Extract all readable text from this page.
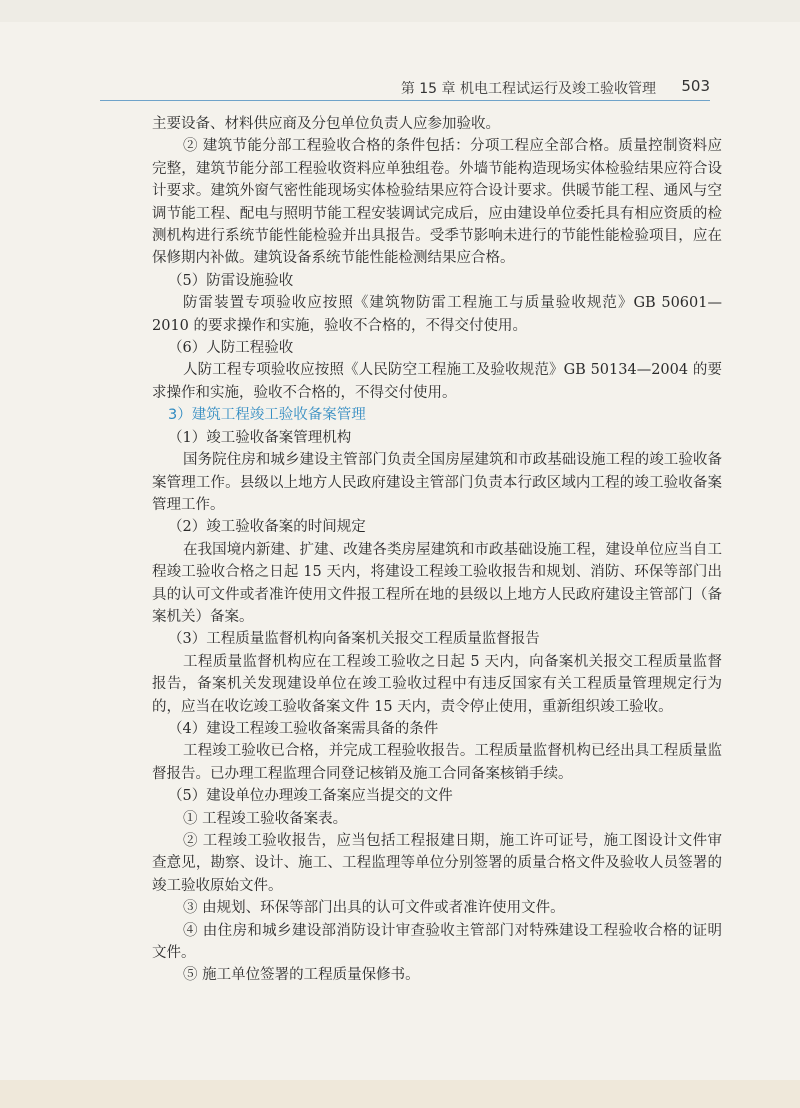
第 15 章 机电工程试运行及竣工验收管理 503

主要设备、材料供应商及分包单位负责人应参加验收。

② 建筑节能分部工程验收合格的条件包括：分项工程应全部合格。质量控制资料应完整，建筑节能分部工程验收资料应单独组卷。外墙节能构造现场实体检验结果应符合设计要求。建筑外窗气密性能现场实体检验结果应符合设计要求。供暖节能工程、通风与空调节能工程、配电与照明节能工程安装调试完成后，应由建设单位委托具有相应资质的检测机构进行系统节能性能检验并出具报告。受季节影响未进行的节能性能检验项目，应在保修期内补做。建筑设备系统节能性能检测结果应合格。

（5）防雷设施验收

防雷装置专项验收应按照《建筑物防雷工程施工与质量验收规范》GB 50601—2010 的要求操作和实施，验收不合格的，不得交付使用。

（6）人防工程验收

人防工程专项验收应按照《人民防空工程施工及验收规范》GB 50134—2004 的要求操作和实施，验收不合格的，不得交付使用。

3）建筑工程竣工验收备案管理

（1）竣工验收备案管理机构

国务院住房和城乡建设主管部门负责全国房屋建筑和市政基础设施工程的竣工验收备案管理工作。县级以上地方人民政府建设主管部门负责本行政区域内工程的竣工验收备案管理工作。

（2）竣工验收备案的时间规定

在我国境内新建、扩建、改建各类房屋建筑和市政基础设施工程，建设单位应当自工程竣工验收合格之日起 15 天内，将建设工程竣工验收报告和规划、消防、环保等部门出具的认可文件或者准许使用文件报工程所在地的县级以上地方人民政府建设主管部门（备案机关）备案。

（3）工程质量监督机构向备案机关报交工程质量监督报告

工程质量监督机构应在工程竣工验收之日起 5 天内，向备案机关报交工程质量监督报告，备案机关发现建设单位在竣工验收过程中有违反国家有关工程质量管理规定行为的，应当在收讫竣工验收备案文件 15 天内，责令停止使用，重新组织竣工验收。

（4）建设工程竣工验收备案需具备的条件

工程竣工验收已合格，并完成工程验收报告。工程质量监督机构已经出具工程质量监督报告。已办理工程监理合同登记核销及施工合同备案核销手续。

（5）建设单位办理竣工备案应当提交的文件

① 工程竣工验收备案表。

② 工程竣工验收报告，应当包括工程报建日期，施工许可证号，施工图设计文件审查意见，勘察、设计、施工、工程监理等单位分别签署的质量合格文件及验收人员签署的竣工验收原始文件。

③ 由规划、环保等部门出具的认可文件或者准许使用文件。

④ 由住房和城乡建设部消防设计审查验收主管部门对特殊建设工程验收合格的证明文件。

⑤ 施工单位签署的工程质量保修书。
